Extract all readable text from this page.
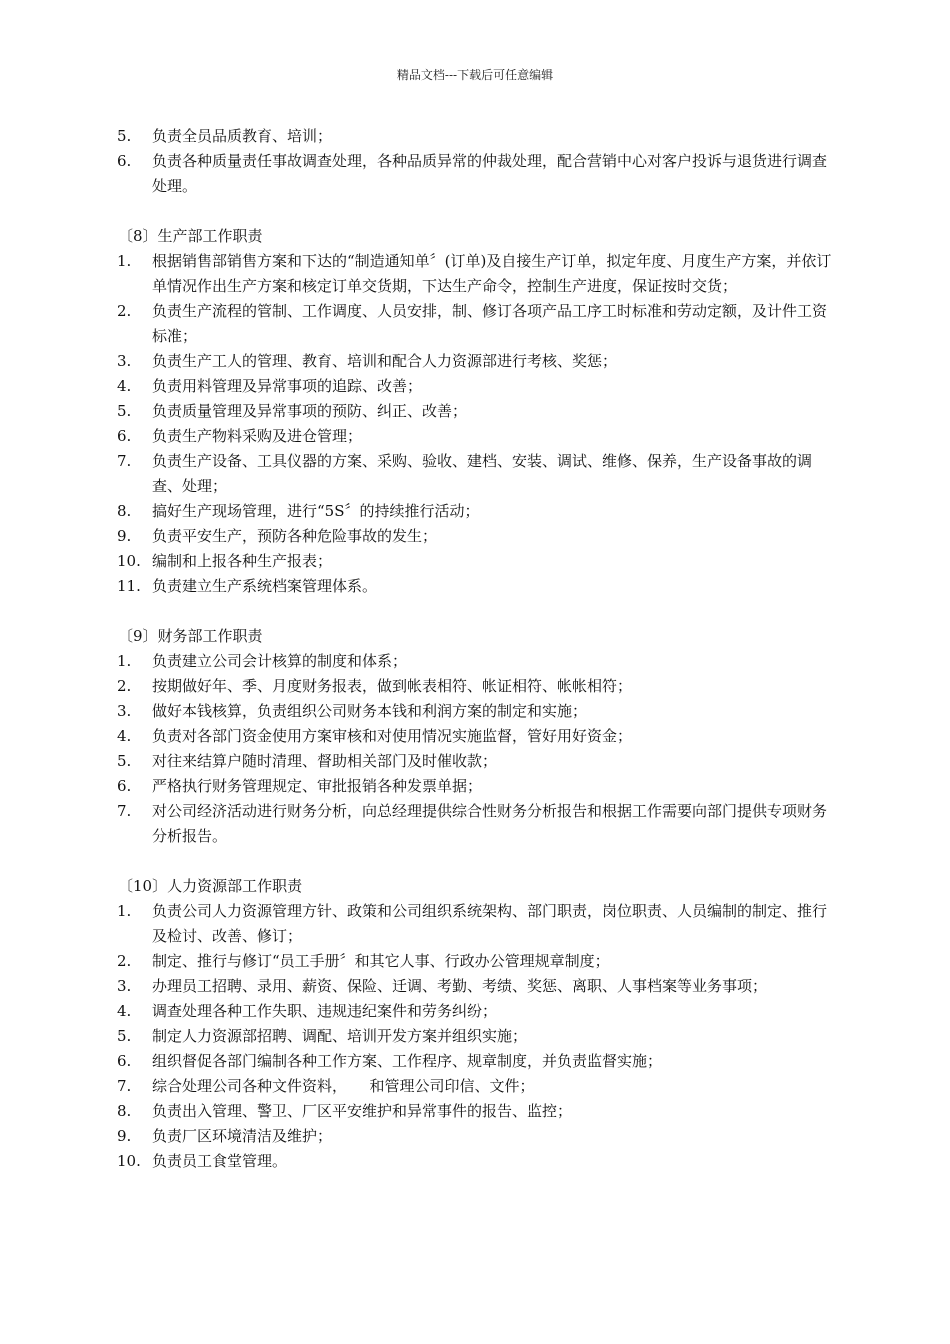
精品文档---下载后可任意编辑
5. 负责全员品质教育、培训；
6. 负责各种质量责任事故调查处理，各种品质异常的仲裁处理，配合营销中心对客户投诉与退货进行调查处理。
〔8〕生产部工作职责
1. 根据销售部销售方案和下达的“制造通知单〞(订单)及自接生产订单，拟定年度、月度生产方案，并依订单情况作出生产方案和核定订单交货期，下达生产命令，控制生产进度，保证按时交货；
2. 负责生产流程的管制、工作调度、人员安排，制、修订各项产品工序工时标准和劳动定额，及计件工资标准；
3. 负责生产工人的管理、教育、培训和配合人力资源部进行考核、奖惩；
4. 负责用料管理及异常事项的追踪、改善；
5. 负责质量管理及异常事项的预防、纠正、改善；
6. 负责生产物料采购及进仓管理；
7. 负责生产设备、工具仪器的方案、采购、验收、建档、安装、调试、维修、保养，生产设备事故的调查、处理；
8. 搞好生产现场管理，进行“5S〞的持续推行活动；
9. 负责平安生产，预防各种危险事故的发生；
10. 编制和上报各种生产报表；
11. 负责建立生产系统档案管理体系。
〔9〕财务部工作职责
1. 负责建立公司会计核算的制度和体系；
2. 按期做好年、季、月度财务报表，做到帐表相符、帐证相符、帐帐相符；
3. 做好本钱核算，负责组织公司财务本钱和利润方案的制定和实施；
4. 负责对各部门资金使用方案审核和对使用情况实施监督，管好用好资金；
5. 对往来结算户随时清理、督助相关部门及时催收款；
6. 严格执行财务管理规定、审批报销各种发票单据；
7. 对公司经济活动进行财务分析，向总经理提供综合性财务分析报告和根据工作需要向部门提供专项财务分析报告。
〔10〕人力资源部工作职责
1. 负责公司人力资源管理方针、政策和公司组织系统架构、部门职责，岗位职责、人员编制的制定、推行及检讨、改善、修订；
2. 制定、推行与修订“员工手册〞和其它人事、行政办公管理规章制度；
3. 办理员工招聘、录用、薪资、保险、迁调、考勤、考绩、奖惩、离职、人事档案等业务事项；
4. 调查处理各种工作失职、违规违纪案件和劳务纠纷；
5. 制定人力资源部招聘、调配、培训开发方案并组织实施；
6. 组织督促各部门编制各种工作方案、工作程序、规章制度，并负责监督实施；
7. 综合处理公司各种文件资料，　　和管理公司印信、文件；
8. 负责出入管理、警卫、厂区平安维护和异常事件的报告、监控；
9. 负责厂区环境清洁及维护；
10. 负责员工食堂管理。
